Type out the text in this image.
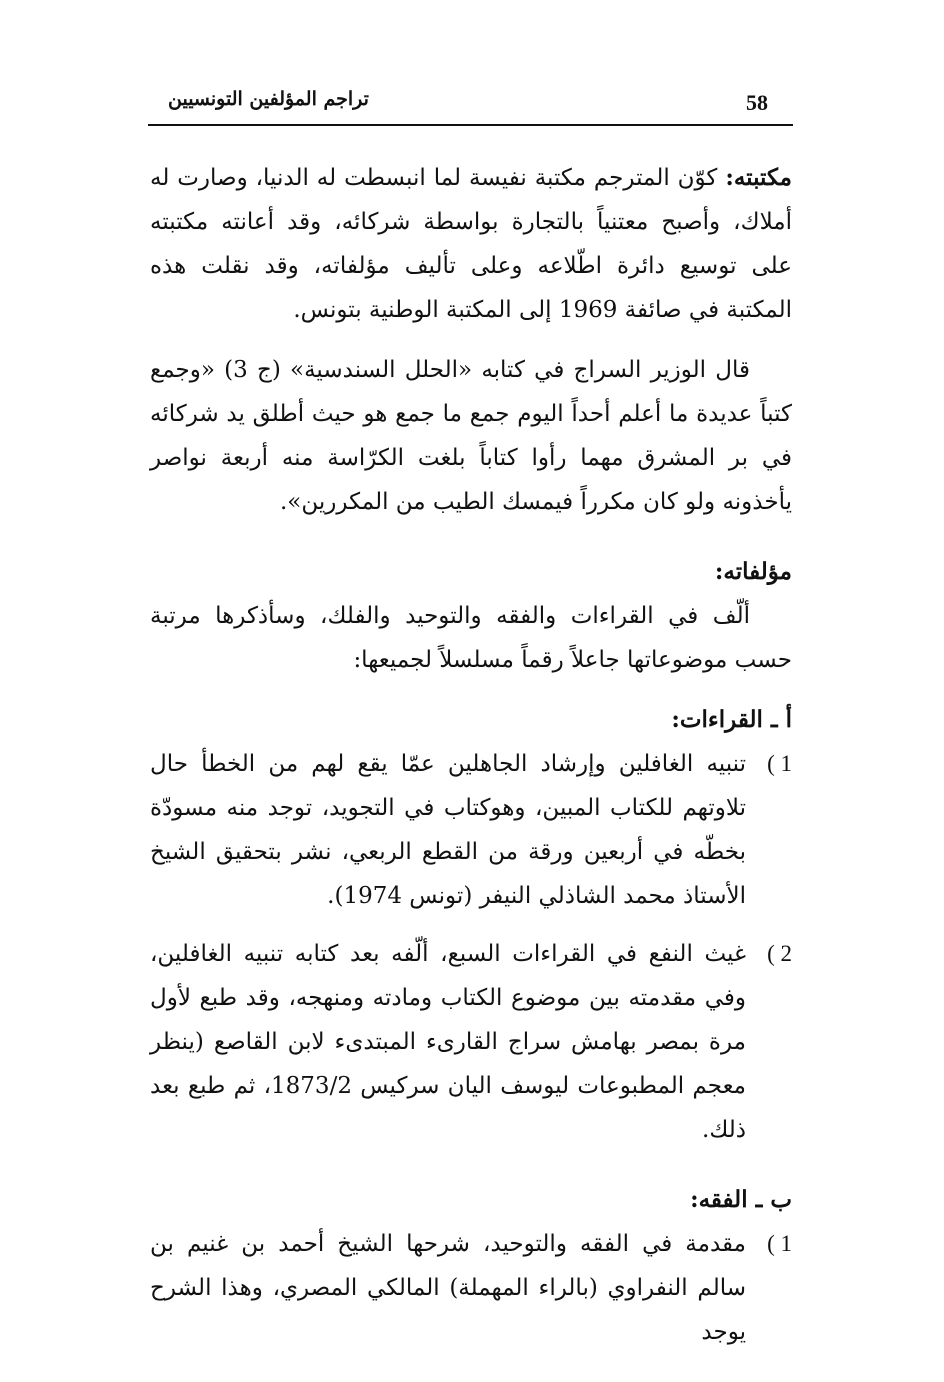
58
تراجم المؤلفين التونسيين

مكتبته: كوّن المترجم مكتبة نفيسة لما انبسطت له الدنيا، وصارت له أملاك، وأصبح معتنياً بالتجارة بواسطة شركائه، وقد أعانته مكتبته على توسيع دائرة اطّلاعه وعلى تأليف مؤلفاته، وقد نقلت هذه المكتبة في صائفة 1969 إلى المكتبة الوطنية بتونس.

قال الوزير السراج في كتابه «الحلل السندسية» (ج 3) «وجمع كتباً عديدة ما أعلم أحداً اليوم جمع ما جمع هو حيث أطلق يد شركائه في بر المشرق مهما رأوا كتاباً بلغت الكرّاسة منه أربعة نواصر يأخذونه ولو كان مكرراً فيمسك الطيب من المكررين».

مؤلفاته:

ألّف في القراءات والفقه والتوحيد والفلك، وسأذكرها مرتبة حسب موضوعاتها جاعلاً رقماً مسلسلاً لجميعها:

أ ـ القراءات:

1 )
تنبيه الغافلين وإرشاد الجاهلين عمّا يقع لهم من الخطأ حال تلاوتهم للكتاب المبين، وهوكتاب في التجويد، توجد منه مسودّة بخطّه في أربعين ورقة من القطع الربعي، نشر بتحقيق الشيخ الأستاذ محمد الشاذلي النيفر (تونس 1974).
2 )
غيث النفع في القراءات السبع، ألّفه بعد كتابه تنبيه الغافلين، وفي مقدمته بين موضوع الكتاب ومادته ومنهجه، وقد طبع لأول مرة بمصر بهامش سراج القارىء المبتدىء لابن القاصع (ينظر معجم المطبوعات ليوسف اليان سركيس 1873/2، ثم طبع بعد ذلك.

ب ـ الفقه:

1 )
مقدمة في الفقه والتوحيد، شرحها الشيخ أحمد بن غنيم بن سالم النفراوي (بالراء المهملة) المالكي المصري، وهذا الشرح يوجد
